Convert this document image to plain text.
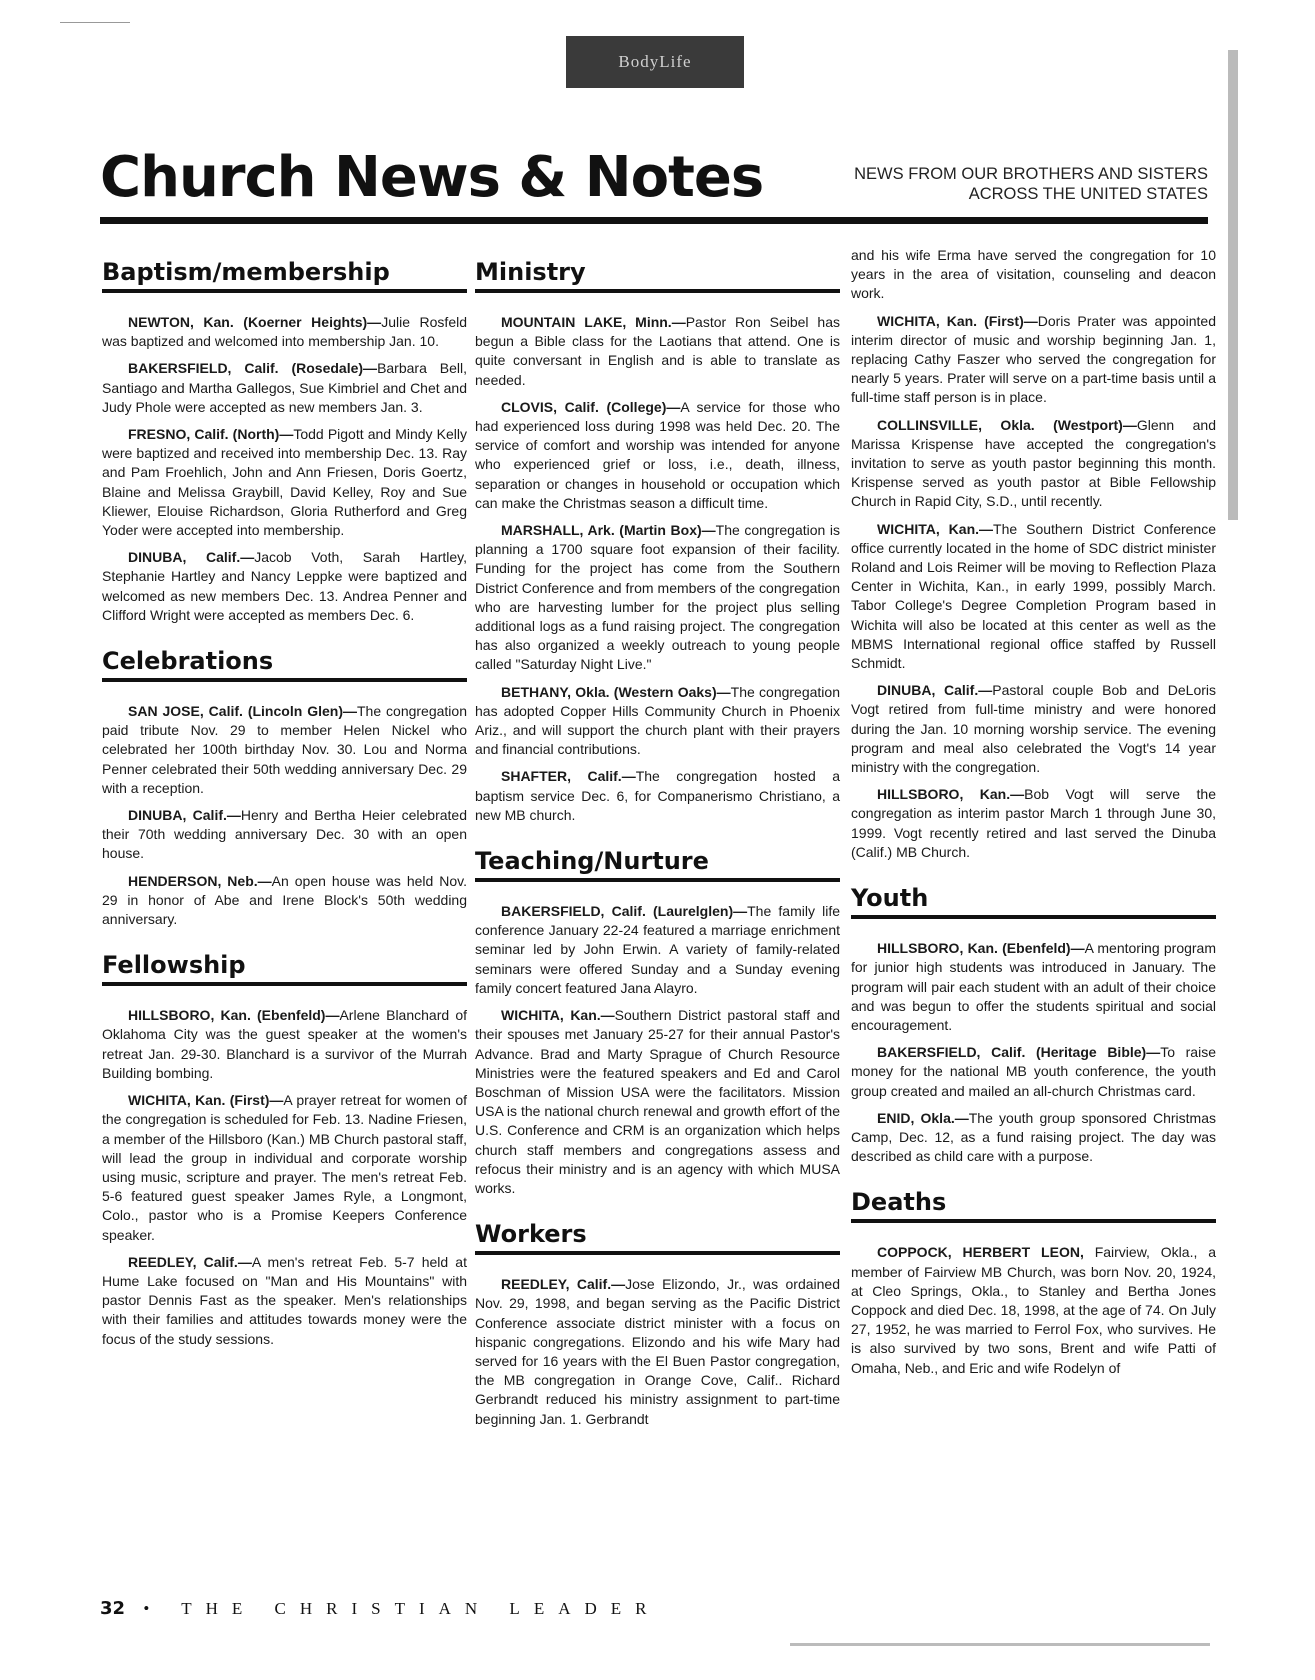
BodyLife
Church News & Notes	NEWS FROM OUR BROTHERS AND SISTERS
ACROSS THE UNITED STATES
Baptism/membership

NEWTON, Kan. (Koerner Heights)—Julie Rosfeld was baptized and welcomed into membership Jan. 10.

BAKERSFIELD, Calif. (Rosedale)—Barbara Bell, Santiago and Martha Gallegos, Sue Kimbriel and Chet and Judy Phole were accepted as new members Jan. 3.

FRESNO, Calif. (North)—Todd Pigott and Mindy Kelly were baptized and received into membership Dec. 13. Ray and Pam Froehlich, John and Ann Friesen, Doris Goertz, Blaine and Melissa Graybill, David Kelley, Roy and Sue Kliewer, Elouise Richardson, Gloria Rutherford and Greg Yoder were accepted into membership.

DINUBA, Calif.—Jacob Voth, Sarah Hartley, Stephanie Hartley and Nancy Leppke were baptized and welcomed as new members Dec. 13. Andrea Penner and Clifford Wright were accepted as members Dec. 6.

Celebrations

SAN JOSE, Calif. (Lincoln Glen)—The congregation paid tribute Nov. 29 to member Helen Nickel who celebrated her 100th birthday Nov. 30. Lou and Norma Penner celebrated their 50th wedding anniversary Dec. 29 with a reception.

DINUBA, Calif.—Henry and Bertha Heier celebrated their 70th wedding anniversary Dec. 30 with an open house.

HENDERSON, Neb.—An open house was held Nov. 29 in honor of Abe and Irene Block's 50th wedding anniversary.

Fellowship

HILLSBORO, Kan. (Ebenfeld)—Arlene Blanchard of Oklahoma City was the guest speaker at the women's retreat Jan. 29-30. Blanchard is a survivor of the Murrah Building bombing.

WICHITA, Kan. (First)—A prayer retreat for women of the congregation is scheduled for Feb. 13. Nadine Friesen, a member of the Hillsboro (Kan.) MB Church pastoral staff, will lead the group in individual and corporate worship using music, scripture and prayer. The men's retreat Feb. 5-6 featured guest speaker James Ryle, a Longmont, Colo., pastor who is a Promise Keepers Conference speaker.

REEDLEY, Calif.—A men's retreat Feb. 5-7 held at Hume Lake focused on "Man and His Mountains" with pastor Dennis Fast as the speaker. Men's relationships with their families and attitudes towards money were the focus of the study sessions.

Ministry

MOUNTAIN LAKE, Minn.—Pastor Ron Seibel has begun a Bible class for the Laotians that attend. One is quite conversant in English and is able to translate as needed.

CLOVIS, Calif. (College)—A service for those who had experienced loss during 1998 was held Dec. 20. The service of comfort and worship was intended for anyone who experienced grief or loss, i.e., death, illness, separation or changes in household or occupation which can make the Christmas season a difficult time.

MARSHALL, Ark. (Martin Box)—The congregation is planning a 1700 square foot expansion of their facility. Funding for the project has come from the Southern District Conference and from members of the congregation who are harvesting lumber for the project plus selling additional logs as a fund raising project. The congregation has also organized a weekly outreach to young people called "Saturday Night Live."

BETHANY, Okla. (Western Oaks)—The congregation has adopted Copper Hills Community Church in Phoenix Ariz., and will support the church plant with their prayers and financial contributions.

SHAFTER, Calif.—The congregation hosted a baptism service Dec. 6, for Companerismo Christiano, a new MB church.

Teaching/Nurture

BAKERSFIELD, Calif. (Laurelglen)—The family life conference January 22-24 featured a marriage enrichment seminar led by John Erwin. A variety of family-related seminars were offered Sunday and a Sunday evening family concert featured Jana Alayro.

WICHITA, Kan.—Southern District pastoral staff and their spouses met January 25-27 for their annual Pastor's Advance. Brad and Marty Sprague of Church Resource Ministries were the featured speakers and Ed and Carol Boschman of Mission USA were the facilitators. Mission USA is the national church renewal and growth effort of the U.S. Conference and CRM is an organization which helps church staff members and congregations assess and refocus their ministry and is an agency with which MUSA works.

Workers

REEDLEY, Calif.—Jose Elizondo, Jr., was ordained Nov. 29, 1998, and began serving as the Pacific District Conference associate district minister with a focus on hispanic congregations. Elizondo and his wife Mary had served for 16 years with the El Buen Pastor congregation, the MB congregation in Orange Cove, Calif.. Richard Gerbrandt reduced his ministry assignment to part-time beginning Jan. 1. Gerbrandt

and his wife Erma have served the congregation for 10 years in the area of visitation, counseling and deacon work.

WICHITA, Kan. (First)—Doris Prater was appointed interim director of music and worship beginning Jan. 1, replacing Cathy Faszer who served the congregation for nearly 5 years. Prater will serve on a part-time basis until a full-time staff person is in place.

COLLINSVILLE, Okla. (Westport)—Glenn and Marissa Krispense have accepted the congregation's invitation to serve as youth pastor beginning this month. Krispense served as youth pastor at Bible Fellowship Church in Rapid City, S.D., until recently.

WICHITA, Kan.—The Southern District Conference office currently located in the home of SDC district minister Roland and Lois Reimer will be moving to Reflection Plaza Center in Wichita, Kan., in early 1999, possibly March. Tabor College's Degree Completion Program based in Wichita will also be located at this center as well as the MBMS International regional office staffed by Russell Schmidt.

DINUBA, Calif.—Pastoral couple Bob and DeLoris Vogt retired from full-time ministry and were honored during the Jan. 10 morning worship service. The evening program and meal also celebrated the Vogt's 14 year ministry with the congregation.

HILLSBORO, Kan.—Bob Vogt will serve the congregation as interim pastor March 1 through June 30, 1999. Vogt recently retired and last served the Dinuba (Calif.) MB Church.

Youth

HILLSBORO, Kan. (Ebenfeld)—A mentoring program for junior high students was introduced in January. The program will pair each student with an adult of their choice and was begun to offer the students spiritual and social encouragement.

BAKERSFIELD, Calif. (Heritage Bible)—To raise money for the national MB youth conference, the youth group created and mailed an all-church Christmas card.

ENID, Okla.—The youth group sponsored Christmas Camp, Dec. 12, as a fund raising project. The day was described as child care with a purpose.

Deaths

COPPOCK, HERBERT LEON, Fairview, Okla., a member of Fairview MB Church, was born Nov. 20, 1924, at Cleo Springs, Okla., to Stanley and Bertha Jones Coppock and died Dec. 18, 1998, at the age of 74. On July 27, 1952, he was married to Ferrol Fox, who survives. He is also survived by two sons, Brent and wife Patti of Omaha, Neb., and Eric and wife Rodelyn of

32 • THE CHRISTIAN LEADER
